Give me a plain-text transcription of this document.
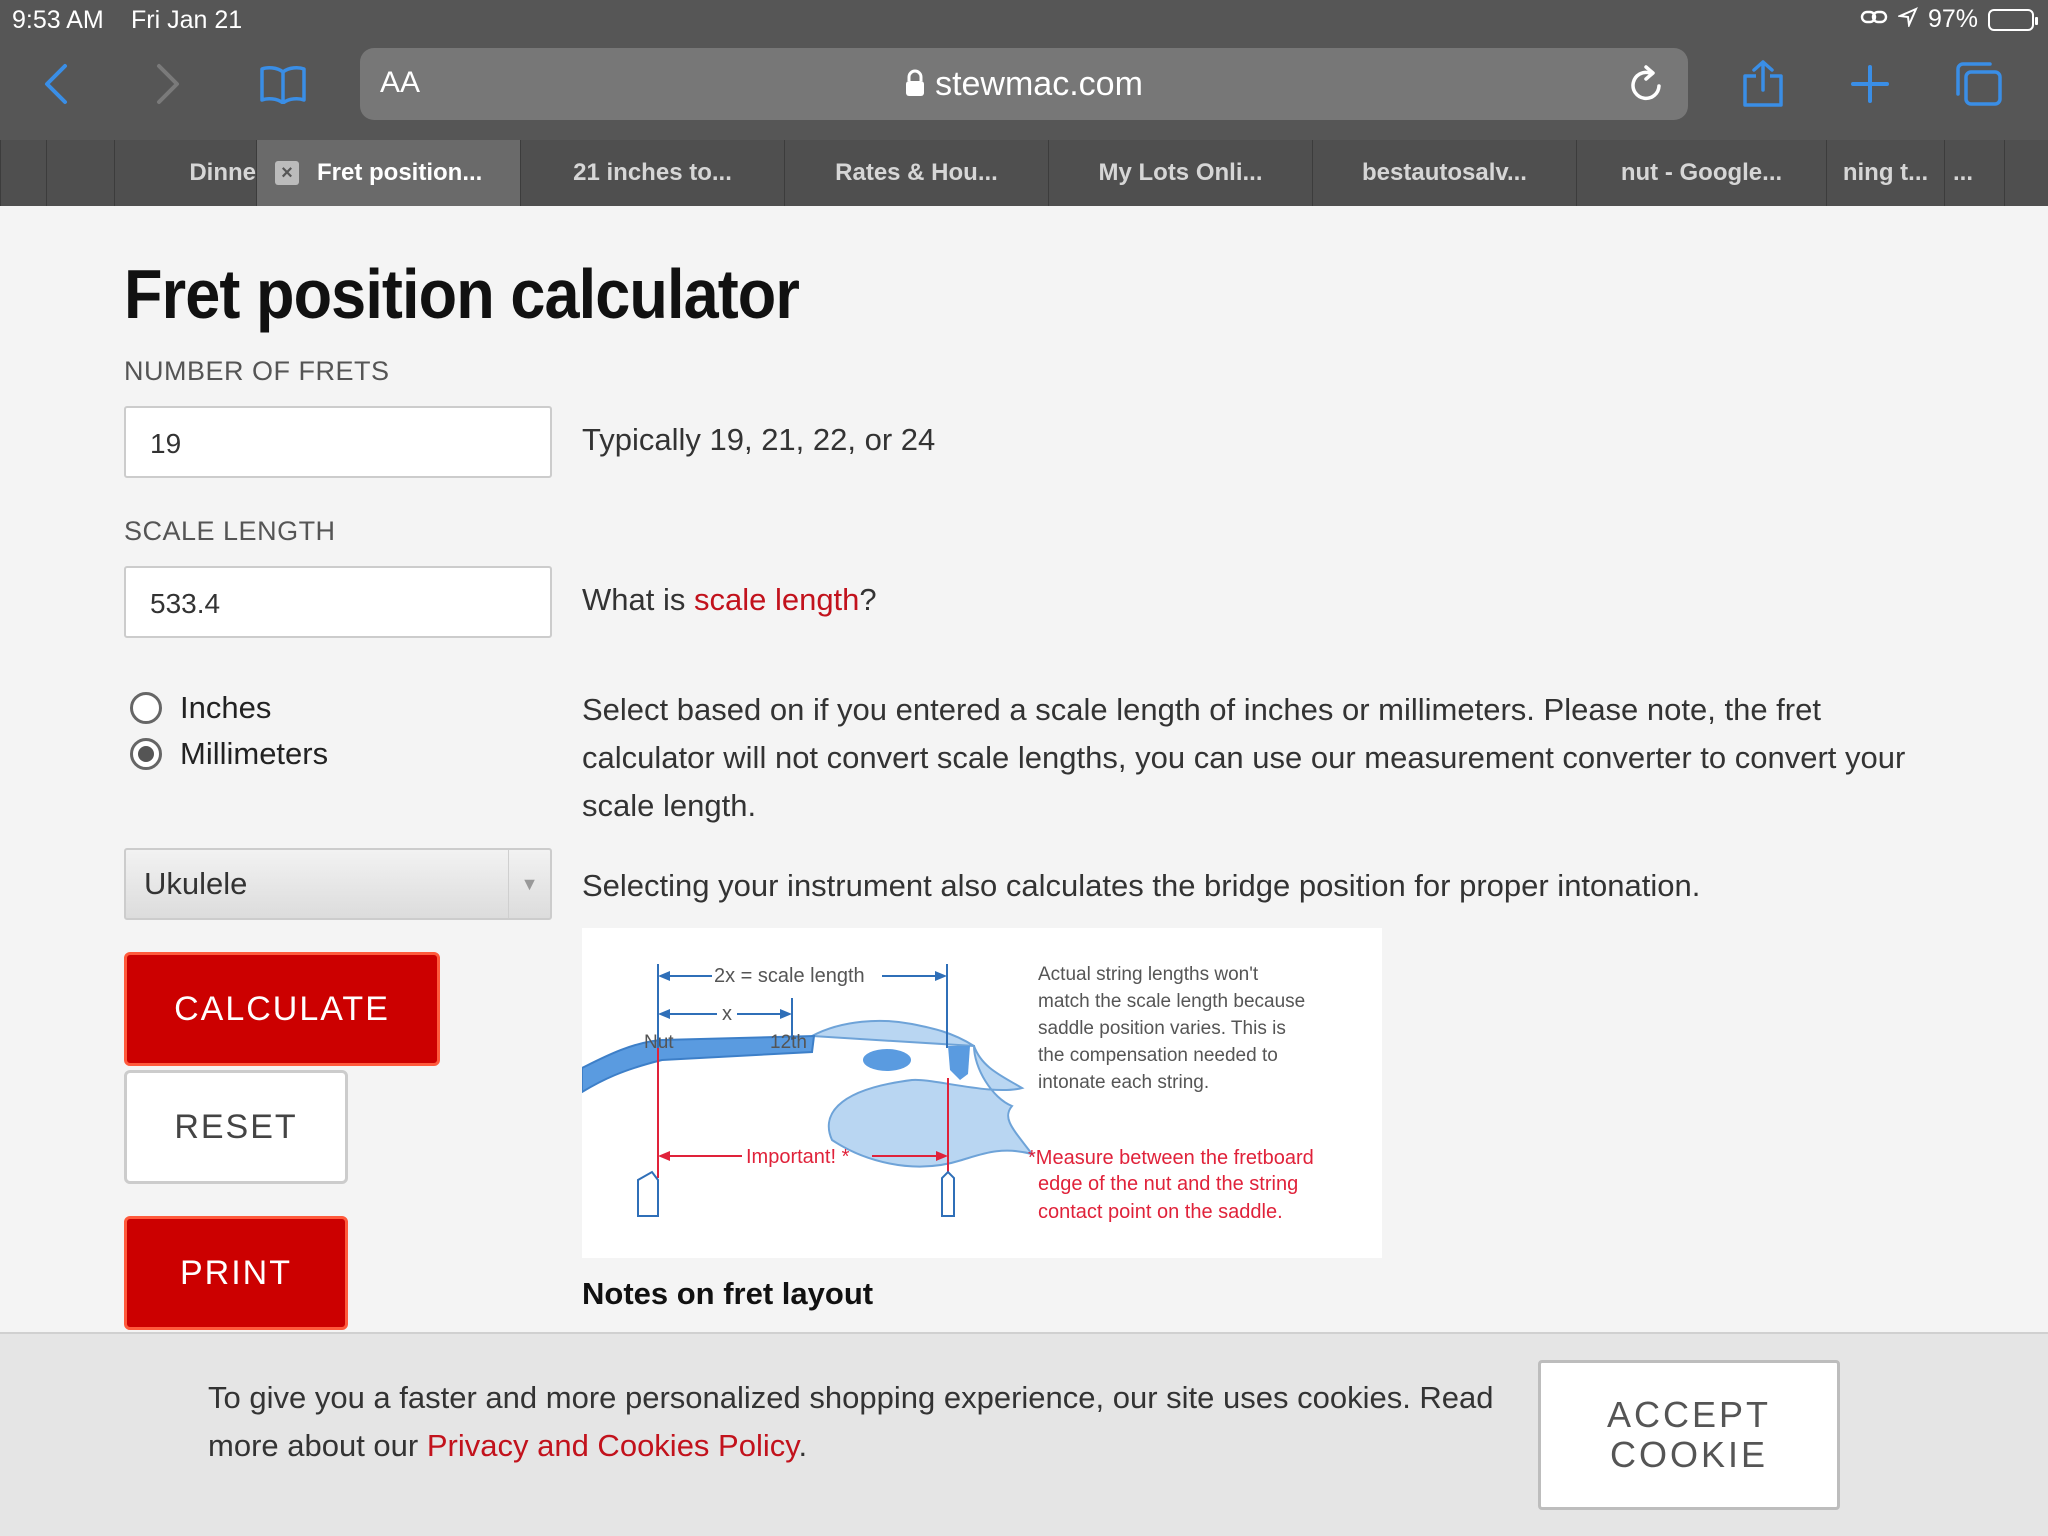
9:53 AM Fri Jan 21	97%
AA	stewmac.com
Dinne	× Fret position...	21 inches to...	Rates & Hou...	My Lots Onli...	bestautosalv...	nut - Google...	ning t... ...
Fret position calculator
NUMBER OF FRETS
19	Typically 19, 21, 22, or 24
SCALE LENGTH
533.4	What is scale length?
Inches
Millimeters
Select based on if you entered a scale length of inches or millimeters. Please note, the fret calculator will not convert scale lengths, you can use our measurement converter to convert your scale length.
Ukulele	▼	Selecting your instrument also calculates the bridge position for proper intonation.
CALCULATE
RESET
PRINT
2x = scale length
x
Nut	12th
Important! *
Actual string lengths won't
match the scale length because
saddle position varies. This is
the compensation needed to
intonate each string.
*Measure between the fretboard
edge of the nut and the string
contact point on the saddle.
Notes on fret layout
To give you a faster and more personalized shopping experience, our site uses cookies. Read more about our Privacy and Cookies Policy.
ACCEPT
COOKIE
